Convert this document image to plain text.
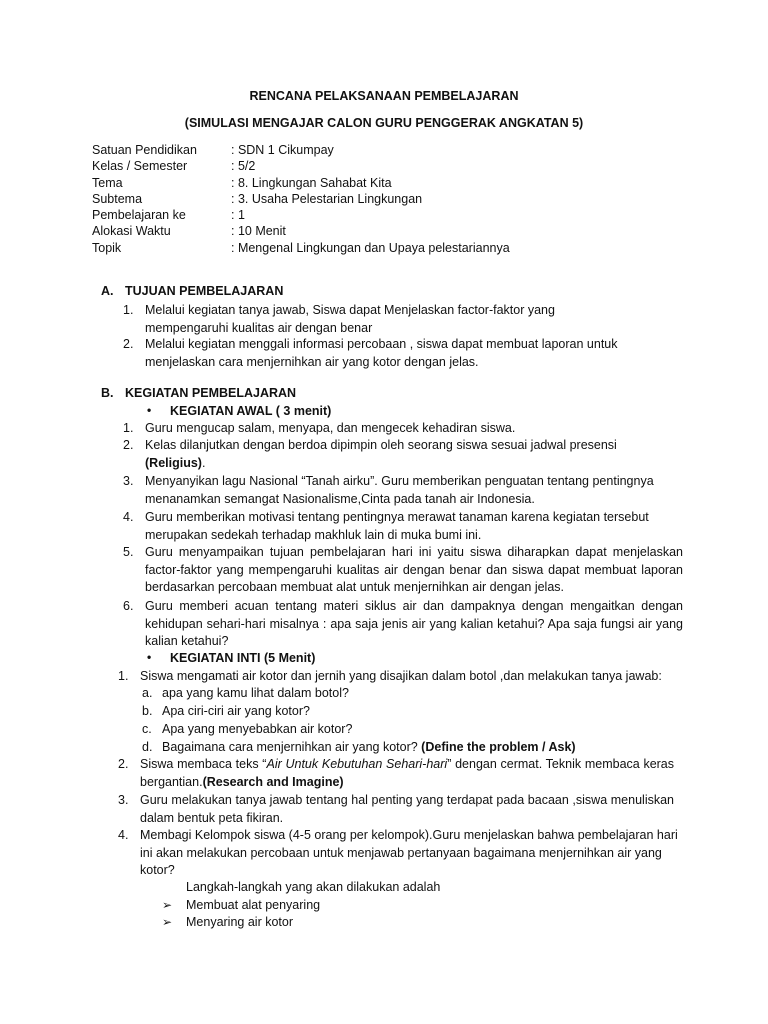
RENCANA PELAKSANAAN PEMBELAJARAN
(SIMULASI MENGAJAR CALON GURU PENGGERAK ANGKATAN 5)
Satuan Pendidikan	: SDN 1 Cikumpay
Kelas / Semester	: 5/2
Tema	: 8. Lingkungan Sahabat Kita
Subtema	: 3. Usaha Pelestarian Lingkungan
Pembelajaran ke	: 1
Alokasi Waktu	: 10 Menit
Topik	: Mengenal Lingkungan dan Upaya pelestariannya
A. TUJUAN PEMBELAJARAN
1. Melalui kegiatan tanya jawab, Siswa dapat Menjelaskan factor-faktor yang mempengaruhi kualitas air dengan benar
2. Melalui kegiatan menggali informasi percobaan , siswa dapat membuat laporan untuk menjelaskan cara menjernihkan air yang kotor dengan jelas.
B. KEGIATAN PEMBELAJARAN
• KEGIATAN AWAL ( 3 menit)
1. Guru mengucap salam, menyapa, dan mengecek kehadiran siswa.
2. Kelas dilanjutkan dengan berdoa dipimpin oleh seorang siswa sesuai jadwal presensi
(Religius).
3. Menyanyikan lagu Nasional “Tanah airku”. Guru memberikan penguatan tentang pentingnya menanamkan semangat Nasionalisme,Cinta pada tanah air Indonesia.
4. Guru memberikan motivasi tentang pentingnya merawat tanaman karena kegiatan tersebut merupakan sedekah terhadap makhluk lain di muka bumi ini.
5. Guru menyampaikan tujuan pembelajaran hari ini yaitu siswa diharapkan dapat menjelaskan factor-faktor yang mempengaruhi kualitas air dengan benar dan siswa dapat membuat laporan berdasarkan percobaan membuat alat untuk menjernihkan air dengan jelas.
6. Guru memberi acuan tentang materi siklus air dan dampaknya dengan mengaitkan dengan kehidupan sehari-hari misalnya : apa saja jenis air yang kalian ketahui? Apa saja fungsi air yang kalian ketahui?
• KEGIATAN INTI (5 Menit)
1. Siswa mengamati air kotor dan jernih yang disajikan dalam botol ,dan melakukan tanya jawab:
a. apa yang kamu lihat dalam botol?
b. Apa ciri-ciri air yang kotor?
c. Apa yang menyebabkan air kotor?
d. Bagaimana cara menjernihkan air yang kotor? (Define the problem / Ask)
2. Siswa membaca teks “Air Untuk Kebutuhan Sehari-hari” dengan cermat. Teknik membaca keras bergantian.(Research and Imagine)
3. Guru melakukan tanya jawab tentang hal penting yang terdapat pada bacaan ,siswa menuliskan dalam bentuk peta fikiran.
4. Membagi Kelompok siswa (4-5 orang per kelompok).Guru menjelaskan bahwa pembelajaran hari ini akan melakukan percobaan untuk menjawab pertanyaan bagaimana menjernihkan air yang kotor?
Langkah-langkah yang akan dilakukan adalah
➢ Membuat alat penyaring
➢ Menyaring air kotor
